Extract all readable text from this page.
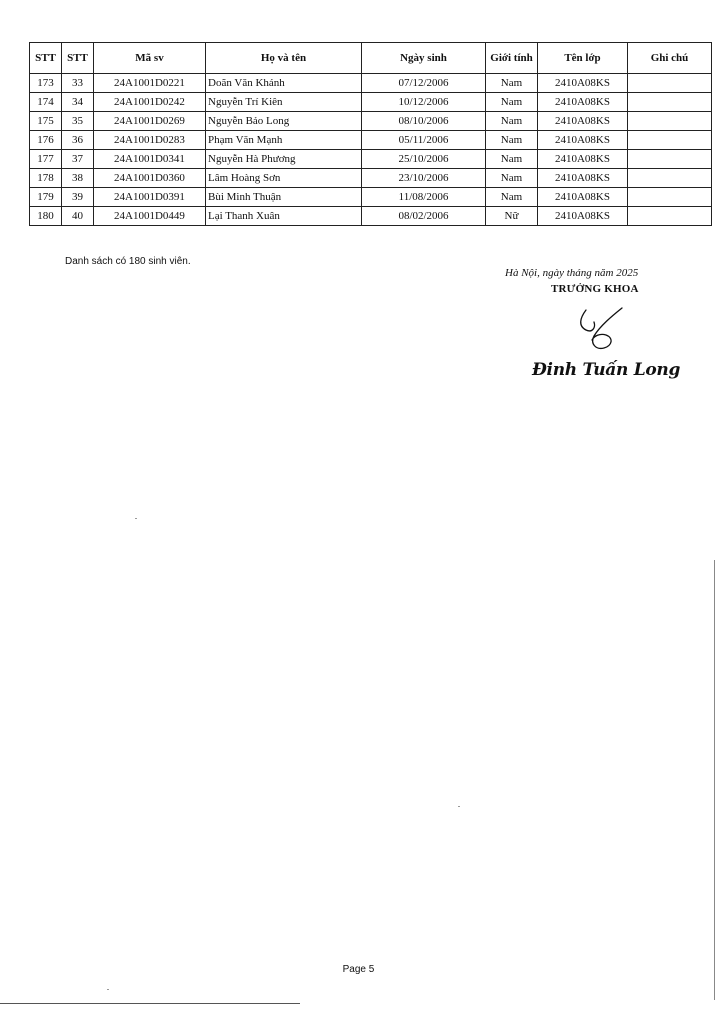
STT	STT	Mã sv	Họ và tên	Ngày sinh	Giới tính	Tên lớp	Ghi chú
173	33	24A1001D0221	Doãn Văn Khánh	07/12/2006	Nam	2410A08KS	
174	34	24A1001D0242	Nguyễn Trí Kiên	10/12/2006	Nam	2410A08KS	
175	35	24A1001D0269	Nguyễn Bảo Long	08/10/2006	Nam	2410A08KS	
176	36	24A1001D0283	Phạm Văn Mạnh	05/11/2006	Nam	2410A08KS	
177	37	24A1001D0341	Nguyễn Hà Phương	25/10/2006	Nam	2410A08KS	
178	38	24A1001D0360	Lâm Hoàng Sơn	23/10/2006	Nam	2410A08KS	
179	39	24A1001D0391	Bùi Minh Thuận	11/08/2006	Nam	2410A08KS	
180	40	24A1001D0449	Lại Thanh Xuân	08/02/2006	Nữ	2410A08KS	
Danh sách có 180 sinh viên.
Hà Nội, ngày tháng năm 2025
TRƯỞNG KHOA
Đinh Tuấn Long
Page 5
